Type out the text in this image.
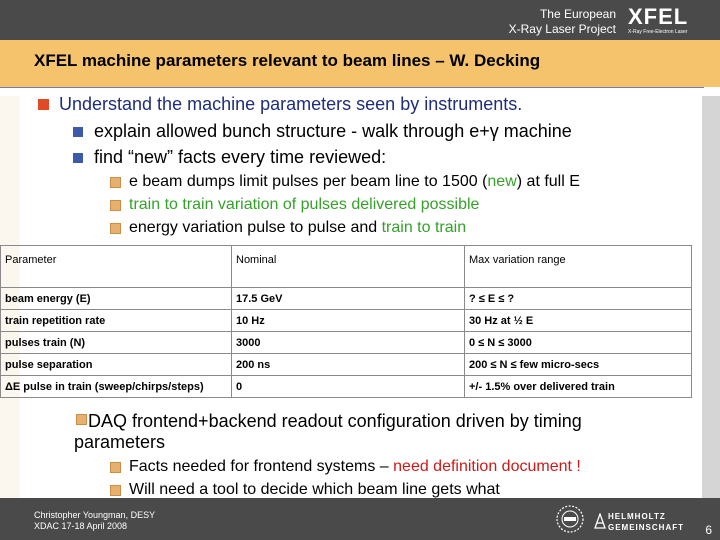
The European
X-Ray Laser Project XFEL
X-Ray Free-Electron Laser
XFEL machine parameters relevant to beam lines – W. Decking
Understand the machine parameters seen by instruments.
explain allowed bunch structure - walk through e+γ machine
find “new” facts every time reviewed:
e beam dumps limit pulses per beam line to 1500 (new) at full E
train to train variation of pulses delivered possible
energy variation pulse to pulse and train to train
Parameter	Nominal	Max variation range
beam energy (E)	17.5 GeV	? ≤ E ≤ ?
train repetition rate	10 Hz	30 Hz at ½ E
pulses train (N)	3000	0 ≤ N ≤ 3000
pulse separation	200 ns	200 ≤ N ≤ few micro-secs
ΔE pulse in train (sweep/chirps/steps)	0	+/- 1.5% over delivered train
DAQ frontend+backend readout configuration driven by timing parameters
Facts needed for frontend systems – need definition document !
Will need a tool to decide which beam line gets what
Christopher Youngman, DESY
XDAC 17-18 April 2008
HELMHOLTZ
GEMEINSCHAFT 6
